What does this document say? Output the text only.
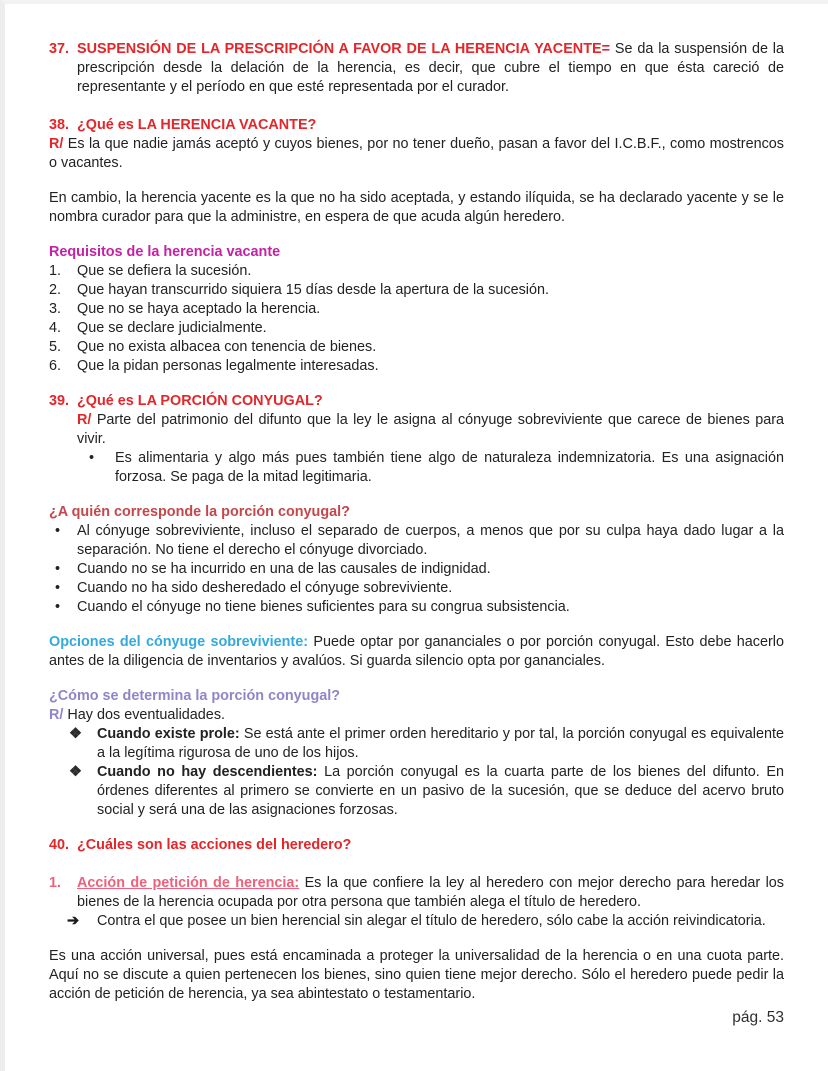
37. SUSPENSIÓN DE LA PRESCRIPCIÓN A FAVOR DE LA HERENCIA YACENTE= Se da la suspensión de la prescripción desde la delación de la herencia, es decir, que cubre el tiempo en que ésta careció de representante y el período en que esté representada por el curador.
38. ¿Qué es LA HERENCIA VACANTE?
R/ Es la que nadie jamás aceptó y cuyos bienes, por no tener dueño, pasan a favor del I.C.B.F., como mostrencos o vacantes.
En cambio, la herencia yacente es la que no ha sido aceptada, y estando ilíquida, se ha declarado yacente y se le nombra curador para que la administre, en espera de que acuda algún heredero.
Requisitos de la herencia vacante
1. Que se defiera la sucesión.
2. Que hayan transcurrido siquiera 15 días desde la apertura de la sucesión.
3. Que no se haya aceptado la herencia.
4. Que se declare judicialmente.
5. Que no exista albacea con tenencia de bienes.
6. Que la pidan personas legalmente interesadas.
39. ¿Qué es LA PORCIÓN CONYUGAL?
R/ Parte del patrimonio del difunto que la ley le asigna al cónyuge sobreviviente que carece de bienes para vivir.
• Es alimentaria y algo más pues también tiene algo de naturaleza indemnizatoria. Es una asignación forzosa. Se paga de la mitad legitimaria.
¿A quién corresponde la porción conyugal?
• Al cónyuge sobreviviente, incluso el separado de cuerpos, a menos que por su culpa haya dado lugar a la separación. No tiene el derecho el cónyuge divorciado.
• Cuando no se ha incurrido en una de las causales de indignidad.
• Cuando no ha sido desheredado el cónyuge sobreviviente.
• Cuando el cónyuge no tiene bienes suficientes para su congrua subsistencia.
Opciones del cónyuge sobreviviente: Puede optar por gananciales o por porción conyugal. Esto debe hacerlo antes de la diligencia de inventarios y avalúos. Si guarda silencio opta por gananciales.
¿Cómo se determina la porción conyugal?
R/ Hay dos eventualidades.
❖ Cuando existe prole: Se está ante el primer orden hereditario y por tal, la porción conyugal es equivalente a la legítima rigurosa de uno de los hijos.
❖ Cuando no hay descendientes: La porción conyugal es la cuarta parte de los bienes del difunto. En órdenes diferentes al primero se convierte en un pasivo de la sucesión, que se deduce del acervo bruto social y será una de las asignaciones forzosas.
40. ¿Cuáles son las acciones del heredero?
1. Acción de petición de herencia: Es la que confiere la ley al heredero con mejor derecho para heredar los bienes de la herencia ocupada por otra persona que también alega el título de heredero.
➔ Contra el que posee un bien herencial sin alegar el título de heredero, sólo cabe la acción reivindicatoria.
Es una acción universal, pues está encaminada a proteger la universalidad de la herencia o en una cuota parte. Aquí no se discute a quien pertenecen los bienes, sino quien tiene mejor derecho. Sólo el heredero puede pedir la acción de petición de herencia, ya sea abintestato o testamentario.
pág. 53
